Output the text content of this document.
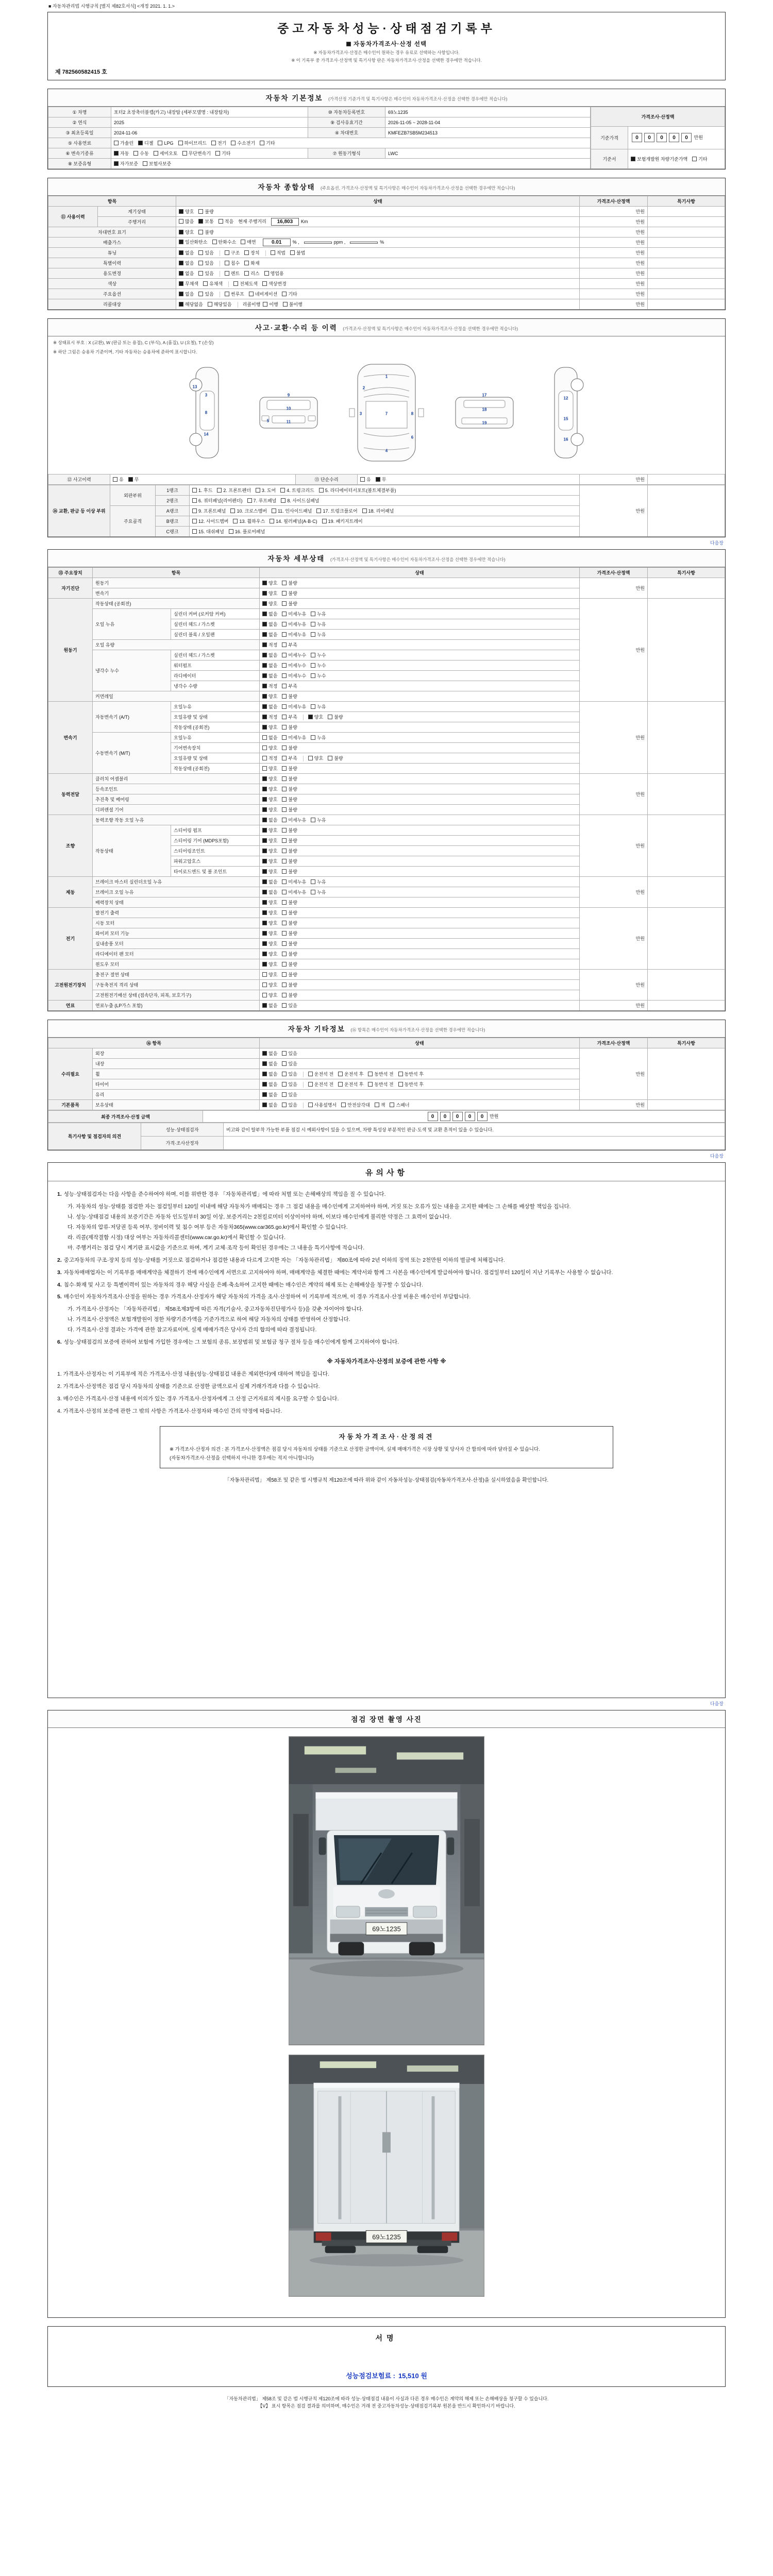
■ 자동차관리법 시행규칙 [별지 제82호서식] <개정 2021. 1. 1.>
중고자동차성능·상태점검기록부
자동차가격조사·산정 선택
※ 자동차가격조사·산정은 매수인이 원하는 경우 유료로 선택하는 사항입니다.
※ 이 기록부 중 가격조사·산정액 및 특기사항 란은 자동차가격조사·산정을 선택한 경우에만 적습니다.
제 782560582415 호
자동차 기본정보 (가격산정 기준가격 및 특기사항은 매수인이 자동차가격조사·산정을 선택한 경우에만 적습니다)
① 차명	포터2 초장축더블캡(카고) 내장탑 (세부모델명 : 내장탑차)	⑩ 자동차등록번호	69노1235
② 연식	2025	⑨ 검사유효기간	2026-11-05 ~ 2028-11-04
③ 최초등록일	2024-11-06	④ 차대번호	KMFEZB7SB5M234513
⑤ 사용연료	가솔린 디젤 LPG 하이브리드 전기 수소전기 기타		
⑥ 변속기종류	자동 수동 세미오토 무단변속기 기타	⑦ 원동기형식	LWC
⑧ 보증유형	자가보증 보험사보증		
가격조사·산정액	
기준가격	0 0 0 0 0 만원
기준서	보험개발원 차량기준가액 기타
자동차 종합상태 (주요옵션, 가격조사·산정액 및 특기사항은 매수인이 자동차가격조사·산정을 선택한 경우에만 적습니다)
항목		상태	가격조사·산정액	특기사항
⑪ 사용이력	계기상태	양호 불량	만원	
	주행거리	많음 보통 적음 현재 주행거리 16,803 Km	만원	
차대번호 표기		양호 불량	만원	
배출가스		일산화탄소 탄화수소 매연 0.01 % , ppm , %	만원	
튜닝		없음 있음 구조 장치 적법 불법	만원	
특별이력		없음 있음 침수 화재	만원	
용도변경		없음 있음 렌트 리스 영업용	만원	
색상		무채색 유채색 전체도색 색상변경	만원	
주요옵션		없음 있음 썬루프 네비게이션 기타	만원	
리콜대상		해당없음 해당있음 리콜이행 이행 불이행	만원	
사고·교환·수리 등 이력 (가격조사·산정액 및 특기사항은 매수인이 자동차가격조사·산정을 선택한 경우에만 적습니다)
※ 상태표시 부호 : X (교환), W (판금 또는 용접), C (부식), A (흠집), U (요철), T (손상)
※ 하단 그림은 승용차 기준이며, 기타 자동차는 승용차에 준하여 표시합니다.
3
8
13
14
9
10
11
5
1
2
3
4
6
7	8
17
18
19
12
15
16
⑫ 사고이력	유 무	⑬ 단순수리	유 무	만원	
⑭ 교환, 판금 등 이상 부위	외판부위	1랭크	1. 후드 2. 프론트펜더 3. 도어 4. 트렁크리드 5. 라디에이터서포트(볼트체결부품)	만원	
		2랭크	6. 쿼터패널(리어펜더) 7. 루프패널 8. 사이드실패널		
	주요골격	A랭크	9. 프론트패널 10. 크로스멤버 11. 인사이드패널 17. 트렁크플로어 18. 리어패널		
		B랭크	12. 사이드멤버 13. 휠하우스 14. 필러패널(A·B·C) 19. 패키지트레이		
		C랭크	15. 대쉬패널 16. 플로어패널		
다음장
자동차 세부상태 (가격조사·산정액 및 특기사항은 매수인이 자동차가격조사·산정을 선택한 경우에만 적습니다)
⑮ 주요장치	항목		상태	가격조사·산정액	특기사항
자기진단	원동기		양호 불량	만원	
	변속기		양호 불량		
원동기	작동상태 (공회전)		양호 불량	만원	
	오일 누유	실린더 커버 (로커암 커버)	없음 미세누유 누유		
		실린더 헤드 / 가스켓	없음 미세누유 누유		
		실린더 블록 / 오일팬	없음 미세누유 누유		
	오일 유량		적정 부족		
	냉각수 누수	실린더 헤드 / 가스켓	없음 미세누수 누수		
		워터펌프	없음 미세누수 누수		
		라디에이터	없음 미세누수 누수		
		냉각수 수량	적정 부족		
	커먼레일		양호 불량		
변속기	자동변속기 (A/T)	오일누유	없음 미세누유 누유	만원	
		오일유량 및 상태	적정 부족 양호 불량		
		작동상태 (공회전)	양호 불량		
	수동변속기 (M/T)	오일누유	없음 미세누유 누유		
		기어변속장치	양호 불량		
		오일유량 및 상태	적정 부족 양호 불량		
		작동상태 (공회전)	양호 불량		
동력전달	클러치 어셈블리		양호 불량	만원	
	등속조인트		양호 불량		
	추진축 및 베어링		양호 불량		
	디퍼렌셜 기어		양호 불량		
조향	동력조향 작동 오일 누유		없음 미세누유 누유	만원	
	작동상태	스티어링 펌프	양호 불량		
		스티어링 기어 (MDPS포함)	양호 불량		
		스티어링조인트	양호 불량		
		파워고압호스	양호 불량		
		타이로드엔드 및 볼 조인트	양호 불량		
제동	브레이크 마스터 실린더오일 누유		없음 미세누유 누유	만원	
	브레이크 오일 누유		없음 미세누유 누유		
	배력장치 상태		양호 불량		
전기	발전기 출력		양호 불량	만원	
	시동 모터		양호 불량		
	와이퍼 모터 기능		양호 불량		
	실내송풍 모터		양호 불량		
	라디에이터 팬 모터		양호 불량		
	윈도우 모터		양호 불량		
고전원전기장치	충전구 절연 상태		양호 불량	만원	
	구동축전지 격리 상태		양호 불량		
	고전원전기배선 상태 (접속단자, 피복, 보호기구)		양호 불량		
연료	연료누출 (LP가스 포함)		없음 있음	만원	
자동차 기타정보 (⑯ 항목은 매수인이 자동차가격조사·산정을 선택한 경우에만 적습니다)
⑯ 항목		상태	가격조사·산정액	특기사항
수리필요	외장	없음 있음	만원	
	내장	없음 있음		
	휠	없음 있음 운전석 전 운전석 후 동반석 전 동반석 후		
	타이어	없음 있음 운전석 전 운전석 후 동반석 전 동반석 후		
	유리	없음 있음		
기본품목	보유상태	없음 있음 사용설명서 안전삼각대 잭 스패너	만원	
최종 가격조사·산정 금액	0 0 0 0 0 만원
특기사항 및 점검자의 의견	성능·상태점검자	비고와 같이 탈부착 가능한 부품 점검 시 예외사항이 있을 수 있으며, 차량 특성상 부분적인 판금·도색 및 교환 흔적이 있을 수 있습니다.
	가격·조사산정자	
다음장
유의사항
1. 성능·상태점검자는 다음 사항을 준수하여야 하며, 이를 위반한 경우 「자동차관리법」에 따라 처벌 또는 손해배상의 책임을 질 수 있습니다.
가. 자동차의 성능·상태를 점검한 자는 점검일부터 120일 이내에 해당 자동차가 매매되는 경우 그 점검 내용을 매수인에게 고지하여야 하며, 거짓 또는 오류가 있는 내용을 고지한 때에는 그 손해를 배상할 책임을 집니다.
나. 성능·상태점검 내용의 보증기간은 자동차 인도일부터 30일 이상, 보증거리는 2천킬로미터 이상이어야 하며, 이보다 매수인에게 불리한 약정은 그 효력이 없습니다.
다. 자동차의 압류·저당권 등록 여부, 정비이력 및 침수 여부 등은 자동차365(www.car365.go.kr)에서 확인할 수 있습니다.
라. 리콜(제작결함 시정) 대상 여부는 자동차리콜센터(www.car.go.kr)에서 확인할 수 있습니다.
마. 주행거리는 점검 당시 계기판 표시값을 기준으로 하며, 계기 교체·조작 등이 확인된 경우에는 그 내용을 특기사항에 적습니다.
2. 중고자동차의 구조·장치 등의 성능·상태를 거짓으로 점검하거나 점검한 내용과 다르게 고지한 자는 「자동차관리법」 제80조에 따라 2년 이하의 징역 또는 2천만원 이하의 벌금에 처해집니다.
3. 자동차매매업자는 이 기록부를 매매계약을 체결하기 전에 매수인에게 서면으로 고지하여야 하며, 매매계약을 체결한 때에는 계약서와 함께 그 사본을 매수인에게 발급하여야 합니다. 점검일부터 120일이 지난 기록부는 사용할 수 없습니다.
4. 침수·화재 및 사고 등 특별이력이 있는 자동차의 경우 해당 사실을 은폐·축소하여 고지한 때에는 매수인은 계약의 해제 또는 손해배상을 청구할 수 있습니다.
5. 매수인이 자동차가격조사·산정을 원하는 경우 가격조사·산정자가 해당 자동차의 가격을 조사·산정하여 이 기록부에 적으며, 이 경우 가격조사·산정 비용은 매수인이 부담합니다.
가. 가격조사·산정자는 「자동차관리법」 제58조제3항에 따른 자격(기술사, 중고자동차진단평가사 등)을 갖춘 자이어야 합니다.
나. 가격조사·산정액은 보험개발원이 정한 차량기준가액을 기준가격으로 하여 해당 자동차의 상태를 반영하여 산정합니다.
다. 가격조사·산정 결과는 가격에 관한 참고자료이며, 실제 매매가격은 당사자 간의 합의에 따라 결정됩니다.
6. 성능·상태점검의 보증에 관하여 보험에 가입한 경우에는 그 보험의 종류, 보장범위 및 보험금 청구 절차 등을 매수인에게 함께 고지하여야 합니다.
※ 자동차가격조사·산정의 보증에 관한 사항 ※
1. 가격조사·산정자는 이 기록부에 적은 가격조사·산정 내용(성능·상태점검 내용은 제외한다)에 대하여 책임을 집니다.
2. 가격조사·산정액은 점검 당시 자동차의 상태를 기준으로 산정한 금액으로서 실제 거래가격과 다를 수 있습니다.
3. 매수인은 가격조사·산정 내용에 이의가 있는 경우 가격조사·산정자에게 그 산정 근거자료의 제시를 요구할 수 있습니다.
4. 가격조사·산정의 보증에 관한 그 밖의 사항은 가격조사·산정자와 매수인 간의 약정에 따릅니다.
자동차가격조사·산정의견
※ 가격조사·산정자 의견 : 본 가격조사·산정액은 점검 당시 자동차의 상태를 기준으로 산정한 금액이며, 실제 매매가격은 시장 상황 및 당사자 간 합의에 따라 달라질 수 있습니다.
(자동차가격조사·산정을 선택하지 아니한 경우에는 적지 아니합니다)
「자동차관리법」 제58조 및 같은 법 시행규칙 제120조에 따라 위와 같이 자동차성능·상태점검(자동차가격조사·산정)을 실시하였음을 확인합니다.
다음장
점검 장면 촬영 사진
69노1235
69노1235
서명
성능점검보험료 : 15,510 원
「자동차관리법」 제58조 및 같은 법 시행규칙 제120조에 따라 성능·상태점검 내용이 사실과 다른 경우 매수인은 계약의 해제 또는 손해배상을 청구할 수 있습니다.
【V】 표시 항목은 점검 결과를 의미하며, 매수인은 거래 전 중고자동차성능·상태점검기록부 원본을 반드시 확인하시기 바랍니다.
